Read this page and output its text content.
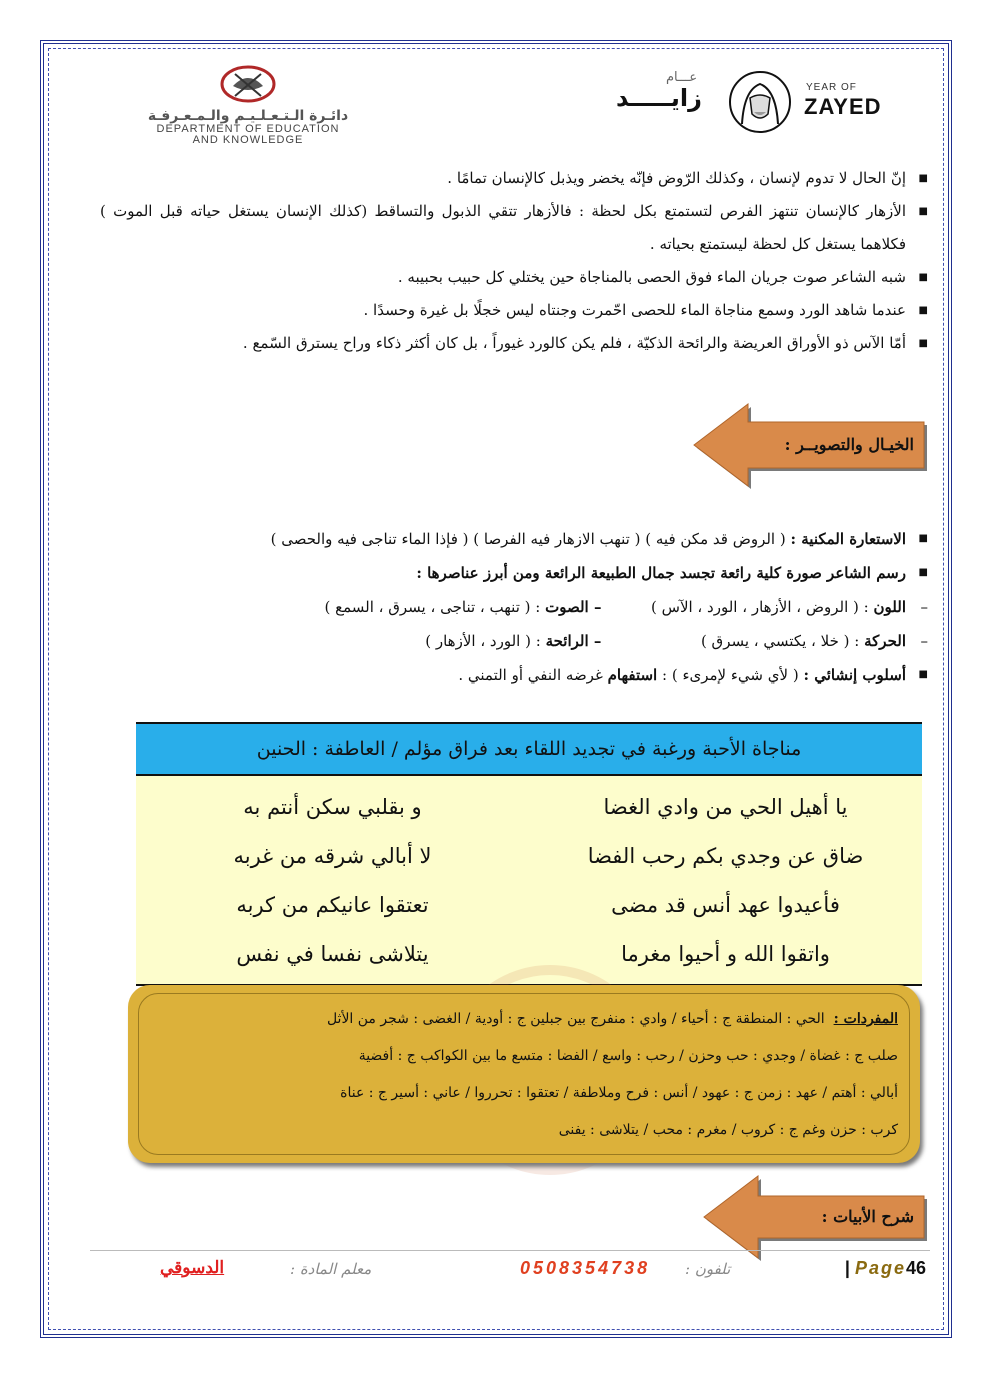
دائـرة الـتـعـلـيـم والـمـعـرفـة
DEPARTMENT OF EDUCATION
AND KNOWLEDGE
عـــام
زايـــــد	YEAR OF
ZAYED
■ إنّ الحال لا تدوم لإنسان ، وكذلك الرّوض فإنّه يخضر ويذبل كالإنسان تمامًا .
■ الأزهار كالإنسان تنتهز الفرص لتستمتع بكل لحظة : فالأزهار تتقي الذبول والتساقط (كذلك الإنسان يستغل حياته قبل الموت ) فكلاهما يستغل كل لحظة ليستمتع بحياته .
■ شبه الشاعر صوت جريان الماء فوق الحصى بالمناجاة حين يختلي كل حبيب بحبيبه .
■ عندما شاهد الورد وسمع مناجاة الماء للحصى احّمرت وجنتاه ليس خجلًا بل غيرة وحسدًا .
■ أمّا الآس ذو الأوراق العريضة والرائحة الذكيّة ، فلم يكن كالورد غيوراً ، بل كان أكثر ذكاء وراح يسترق السّمع .
الخيـال والتصويــر :
■ الاستعارة المكنية : ( الروض قد مكن فيه ) ( تنهب الازهار فيه الفرصا ) ( فإذا الماء تناجى فيه والحصى )
■ رسم الشاعر صورة كلية رائعة تجسد جمال الطبيعة الرائعة ومن أبرز عناصرها :
– اللون : ( الروض ، الأزهار ، الورد ، الآس )  – الصوت : ( تنهب ، تناجى ، يسرق ، السمع )
– الحركة : ( خلا ، يكتسي ، يسرق )  – الرائحة : ( الورد ، الأزهار )
■ أسلوب إنشائي : ( لأي شيء لإمرىء ) : استفهام غرضه النفي أو التمني .
مناجاة الأحبة ورغبة في تجديد اللقاء بعد فراق مؤلم / العاطفة : الحنين
يا أهيل الحي من وادي الغضا
و بقلبي سكن أنتم به
ضاق عن وجدي بكم رحب الفضا
لا أبالي شرقه من غربه
فأعيدوا عهد أنس قد مضى
تعتقوا عانيكم من كربه
واتقوا الله و أحيوا مغرما
يتلاشى نفسا في نفس
المفردات :  الحي : المنطقة ج : أحياء / وادي : منفرج بين جبلين ج : أودية / الغضى : شجر من الأثل
صلب ج : غضاة / وجدي : حب وحزن / رحب : واسع / الفضا : متسع ما بين الكواكب ج : أفضية
أبالي : أهتم / عهد : زمن ج : عهود / أنس : فرح وملاطفة / تعتقوا : تحرروا / عاني : أسير ج : عناة
كرب : حزن وغم ج : كروب / مغرم : محب / يتلاشى : يفنى
شرح الأبيات :
| Page46
تلفون :
0508354738
معلم المادة :
الدسوقي
